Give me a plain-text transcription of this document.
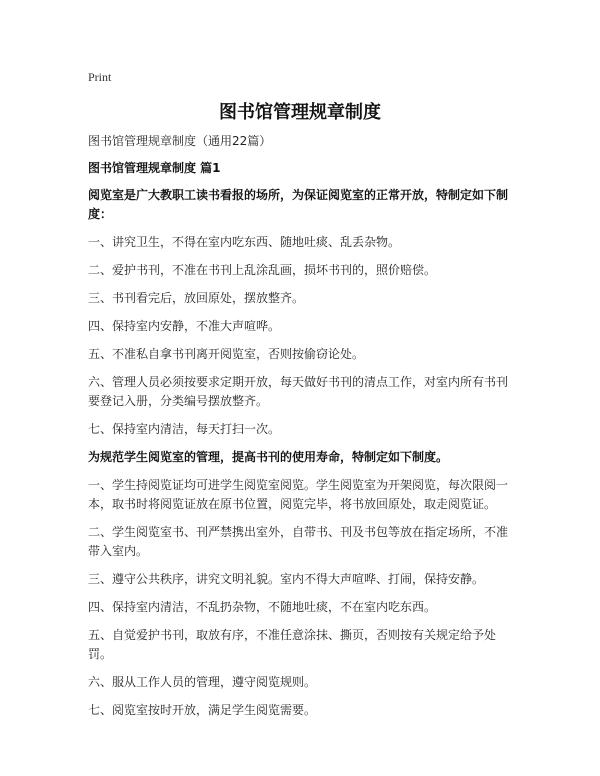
Print
图书馆管理规章制度

图书馆管理规章制度（通用22篇）

图书馆管理规章制度 篇1

阅览室是广大教职工读书看报的场所，为保证阅览室的正常开放，特制定如下制度：

一、讲究卫生，不得在室内吃东西、随地吐痰、乱丢杂物。

二、爱护书刊，不准在书刊上乱涂乱画，损坏书刊的，照价赔偿。

三、书刊看完后，放回原处，摆放整齐。

四、保持室内安静，不准大声喧哗。

五、不准私自拿书刊离开阅览室，否则按偷窃论处。

六、管理人员必须按要求定期开放，每天做好书刊的清点工作，对室内所有书刊要登记入册，分类编号摆放整齐。

七、保持室内清洁，每天打扫一次。

为规范学生阅览室的管理，提高书刊的使用寿命，特制定如下制度。

一、学生持阅览证均可进学生阅览室阅览。学生阅览室为开架阅览，每次限阅一本，取书时将阅览证放在原书位置，阅览完毕，将书放回原处，取走阅览证。

二、学生阅览室书、刊严禁携出室外，自带书、刊及书包等放在指定场所，不准带入室内。

三、遵守公共秩序，讲究文明礼貌。室内不得大声喧哗、打闹，保持安静。

四、保持室内清洁，不乱扔杂物，不随地吐痰，不在室内吃东西。

五、自觉爱护书刊，取放有序，不准任意涂抹、撕页，否则按有关规定给予处罚。

六、服从工作人员的管理，遵守阅览规则。

七、阅览室按时开放，满足学生阅览需要。
